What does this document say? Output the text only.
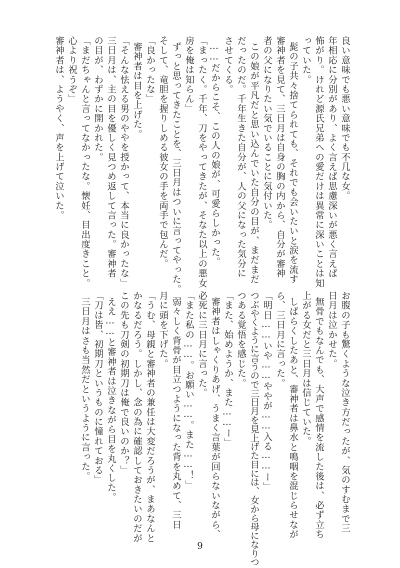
良い意味でも悪い意味でも不几な女。

年相応に分別があり、よく言えば思慮深いが悪く言えば

怖がり。けれど源氏兄弟への愛だけは異常に深いことは知

っていた。

髭の子共々捨てられても、それでも会いたいと涙を流す

審神者を見て、三日月は自身の胸の内から、自分が審神

者の父になりたい気でいることに気付いた。

この娘が平凡だと思い込んでいた自分の目が、まだまだ

だったのだ。千年生きた自分が、人の父になった気分に

させてくる。

……だからこそ、この人の娘が、可愛らしかった。

「まったく。千年、刀をやってきたが、そなた以上の悪女

房を俺は知らん」

ずっと思ってきたことを、三日月はついに言ってやった。

そして、竜胆を握りしめる彼女の手を両手で包んだ。

「良かったな」

審神者は目を上げた。

「そんな怯える男のややを授かって、本当に良かったな」

三日月は、主の目を優しく見つめ返して言った。審神者

の目が、わずかに開かれた。

「まだちゃんと言ってなかったな。懐妊、目出度きこと。

心より祝うぞ」

審神者は、ようやく、声を上げて泣いた。

お腹の子も驚くような泣き方だったが、気のすむまで三

日月は泣かせた。

無骨でもなんでも、大声で感情を流した後は、必ず立ち

上がる女だと三日月は信じていた。

しばらくしたあと、審神者は鼻水と鳴咽を混じらせなが

ら、三日月に言った。

「明日……いや……ややが……入る……ー」

つぶやくように言うので三日月を見上げた目には、女から母になりつ

つある覚悟を感じた。

「また、始めようか、また……ー」

審神者はしゃくりあげ、うまく言葉が回らないながら、

必死に三日月に言った。

「また私の……。お願い……。また……！」

弱々しく背骨が目立つようになった背を丸めて、三日

月に頭を下げた。

「うむ、母親と審神者の兼任は大変だろうが、まあなんと

かなるだろう。しかし、念の為に確認しておきたいのだが

この先も刀剣の初期刀は俺で良いのか？」

ええ……と審神者は泣きながら目を丸くした。

「刀は皆、初期刀というものに憧れておる」

三日月はさも当然だというように言った。

9
